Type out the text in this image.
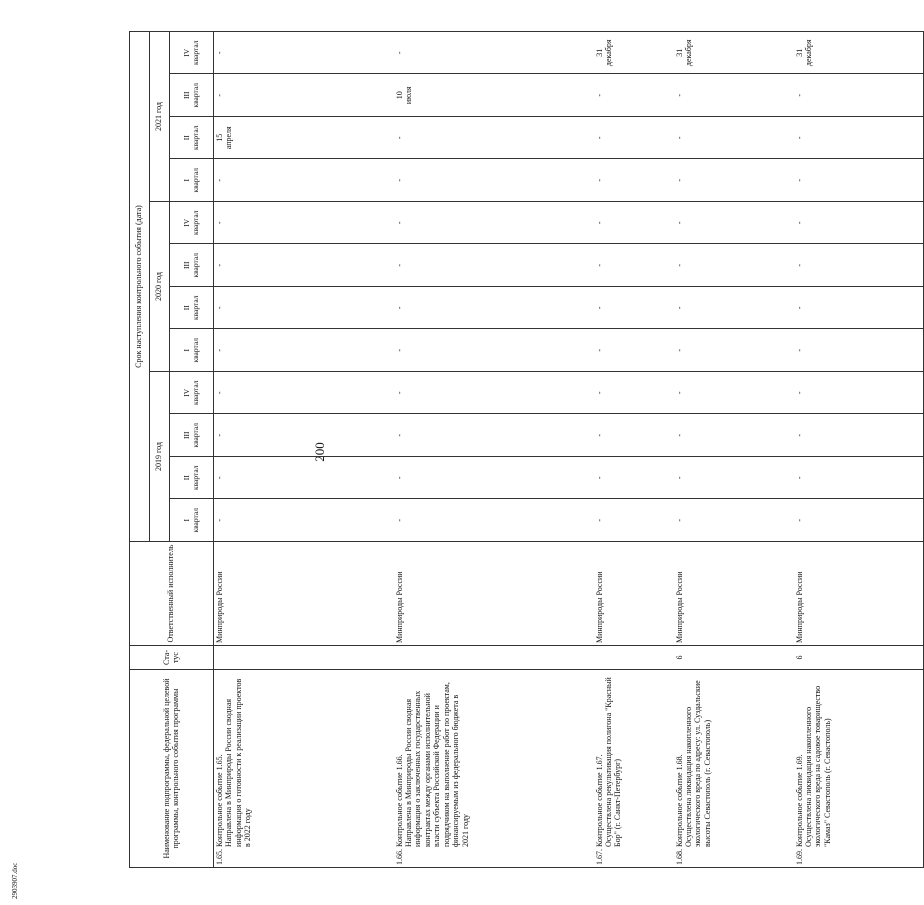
200
2903907.doc
Наименование подпрограммы, федеральной целевой программы, контрольного события программы	Ста-
тус	Ответственный исполнитель	Срок наступления контрольного события (дата)											
			2019 год				2020 год				2021 год			
			I
квартал	II
квартал	III
квартал	IV
квартал	I
квартал	II
квартал	III
квартал	IV
квартал	I
квартал	II
квартал	III
квартал	IV
квартал
1.65.Контрольное событие 1.65.
Направлена в Минприроды России сводная информация о готовности к реализации проектов в 2022 году		Минприроды России	-	-	-	-	-	-	-	-	-	15
апреля	-	-
1.66.Контрольное событие 1.66.
Направлена в Минприроды России сводная информация о заключенных государственных контрактах между органами исполнительной власти субъекта Российской Федерации и подрядчиком на выполнение работ по проектам, финансируемым из федерального бюджета в 2021 году		Минприроды России	-	-	-	-	-	-	-	-	-	-	10
июля	-
1.67.Контрольное событие 1.67.
Осуществлена рекультивация полигона "Красный Бор" (г. Санкт-Петербург)		Минприроды России	-	-	-	-	-	-	-	-	-	-	-	31
декабря
1.68.Контрольное событие 1.68.
Осуществлена ликвидация накопленного экологического вреда по адресу: ул. Суздальские высоты Севастополь (г. Севастополь)	6	Минприроды России	-	-	-	-	-	-	-	-	-	-	-	31
декабря
1.69.Контрольное событие 1.69.
Осуществлена ликвидация накопленного экологического вреда на садовое товарищество "Камаз" Севастополь (г. Севастополь)	6	Минприроды России	-	-	-	-	-	-	-	-	-	-	-	31
декабря
